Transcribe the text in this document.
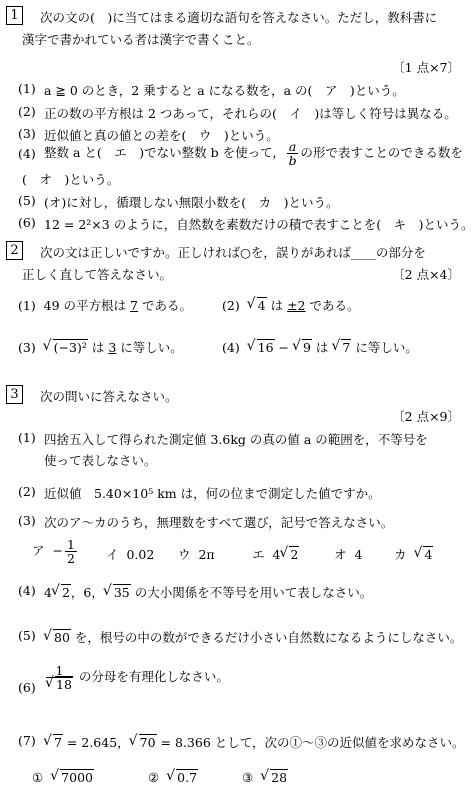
1	次の文の(　)に当てはまる適切な語句を答えなさい。ただし，教科書に
漢字で書かれている者は漢字で書くこと。
〔1 点×7〕
(1) a ≧ 0 のとき，2 乗すると a になる数を，a の(　ア　)という。
(2) 正の数の平方根は 2 つあって，それらの(　イ　)は等しく符号は異なる。
(3) 近似値と真の値との差を(　ウ　)という。
(4) 整数 a と(　エ　)でない整数 b を使って， $\frac{a}{b}$ の形で表すことのできる数を
(　オ　)という。
(5) (オ)に対し，循環しない無限小数を(　カ　)という。
(6) 12 = 2²×3 のように，自然数を素数だけの積で表すことを(　キ　)という。
2	次の文は正しいですか。正しければ○を，誤りがあれば____の部分を
正しく直して答えなさい。	〔2 点×4〕
(1) 49 の平方根は 7 である。 (2) √ 4 は ±2 である。
(3) √ (−3)² は 3 に等しい。	(4) √ 16 − √ 9 は √ 7 に等しい。
3	次の問いに答えなさい。
〔2 点×9〕
(1) 四捨五入して得られた測定値 3.6kg の真の値 a の範囲を，不等号を
使って表しなさい。
(2) 近似値　5.40×10⁵ km は，何の位まで測定した値ですか。
(3) 次のア～カのうち，無理数をすべて選び，記号で答えなさい。
ア − $\frac{1}{2}$ イ 0.02 ウ 2π	エ 4 √ 2	オ 4	カ √ 4
(4) 4 √ 2，6， √ 35 の大小関係を不等号を用いて表しなさい。
(5)	√ 80 を，根号の中の数ができるだけ小さい自然数になるようにしなさい。
(6) 1
√ 18 の分母を有理化しなさい。
(7)	√ 7 = 2.645， √ 70 = 8.366 として，次の①～③の近似値を求めなさい。
① √ 7000	② √ 0.7	③ √ 28
